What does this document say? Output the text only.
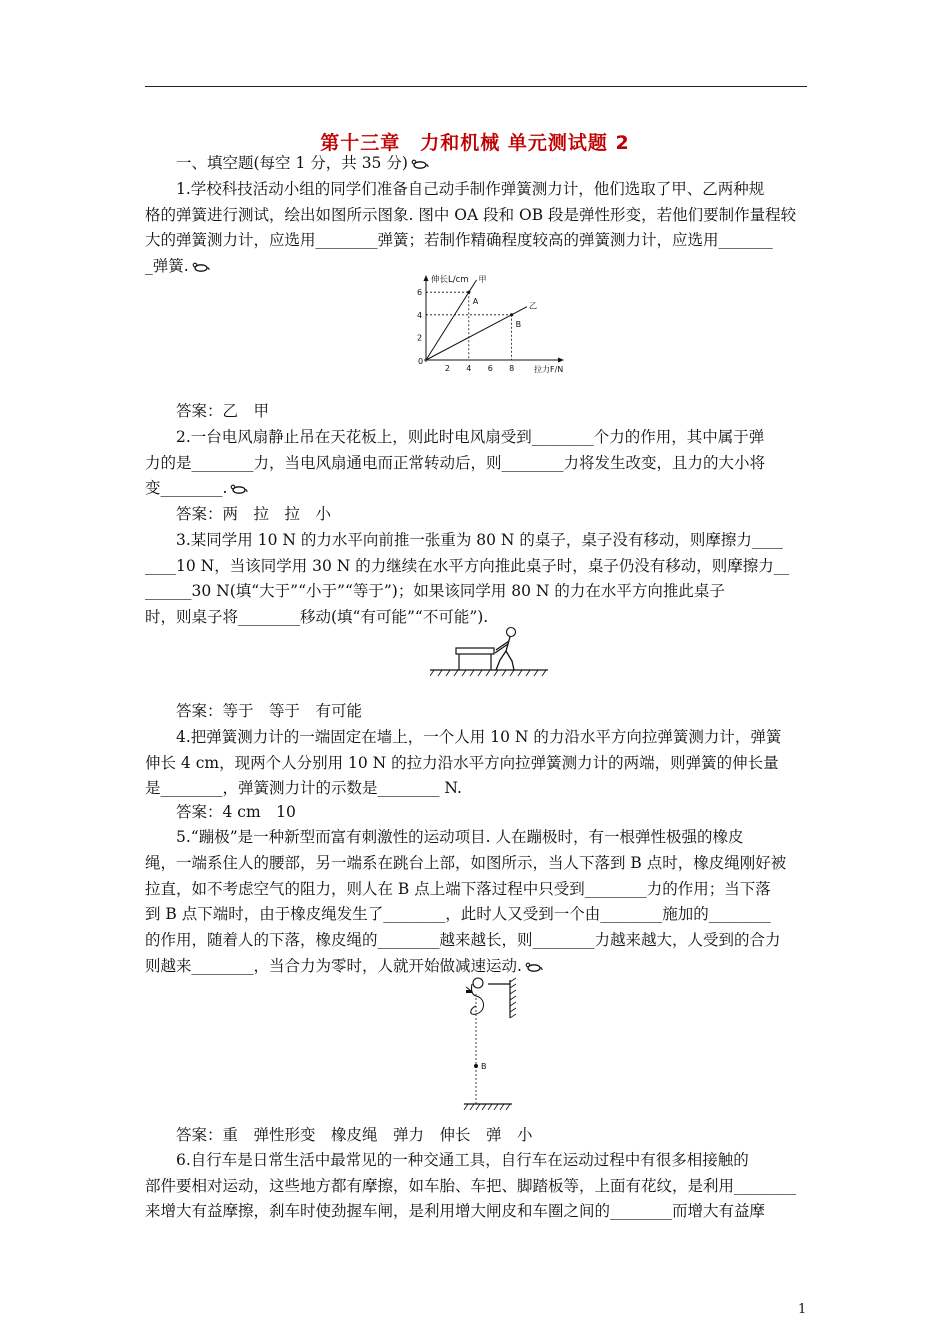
第十三章　力和机械 单元测试题 2
一、填空题(每空 1 分，共 35 分)
1.学校科技活动小组的同学们准备自己动手制作弹簧测力计，他们选取了甲、乙两种规
格的弹簧进行测试，绘出如图所示图象. 图中 OA 段和 OB 段是弹性形变，若他们要制作量程较
大的弹簧测力计，应选用________弹簧；若制作精确程度较高的弹簧测力计，应选用_______
_弹簧.
伸长L/cm
拉力F/N
0
2 4 6 8
2
4
6
A
甲
B
乙
答案：乙　甲
2.一台电风扇静止吊在天花板上，则此时电风扇受到________个力的作用，其中属于弹
力的是________力，当电风扇通电而正常转动后，则________力将发生改变，且力的大小将
变________.
答案：两　拉　拉　小
3.某同学用 10 N 的力水平向前推一张重为 80 N 的桌子，桌子没有移动，则摩擦力____
____10 N，当该同学用 30 N 的力继续在水平方向推此桌子时，桌子仍没有移动，则摩擦力__
______30 N(填“大于”“小于”“等于”)；如果该同学用 80 N 的力在水平方向推此桌子
时，则桌子将________移动(填“有可能”“不可能”).
答案：等于　等于　有可能
4.把弹簧测力计的一端固定在墙上，一个人用 10 N 的力沿水平方向拉弹簧测力计，弹簧
伸长 4 cm，现两个人分别用 10 N 的拉力沿水平方向拉弹簧测力计的两端，则弹簧的伸长量
是________，弹簧测力计的示数是________ N.
答案：4 cm　10
5.“蹦极”是一种新型而富有刺激性的运动项目. 人在蹦极时，有一根弹性极强的橡皮
绳，一端系住人的腰部，另一端系在跳台上部，如图所示，当人下落到 B 点时，橡皮绳刚好被
拉直，如不考虑空气的阻力，则人在 B 点上端下落过程中只受到________力的作用；当下落
到 B 点下端时，由于橡皮绳发生了________，此时人又受到一个由________施加的________
的作用，随着人的下落，橡皮绳的________越来越长，则________力越来越大，人受到的合力
则越来________，当合力为零时，人就开始做减速运动.
B
答案：重　弹性形变　橡皮绳　弹力　伸长　弹　小
6.自行车是日常生活中最常见的一种交通工具，自行车在运动过程中有很多相接触的
部件要相对运动，这些地方都有摩擦，如车胎、车把、脚踏板等，上面有花纹，是利用________
来增大有益摩擦，刹车时使劲握车闸，是利用增大闸皮和车圈之间的________而增大有益摩
1
